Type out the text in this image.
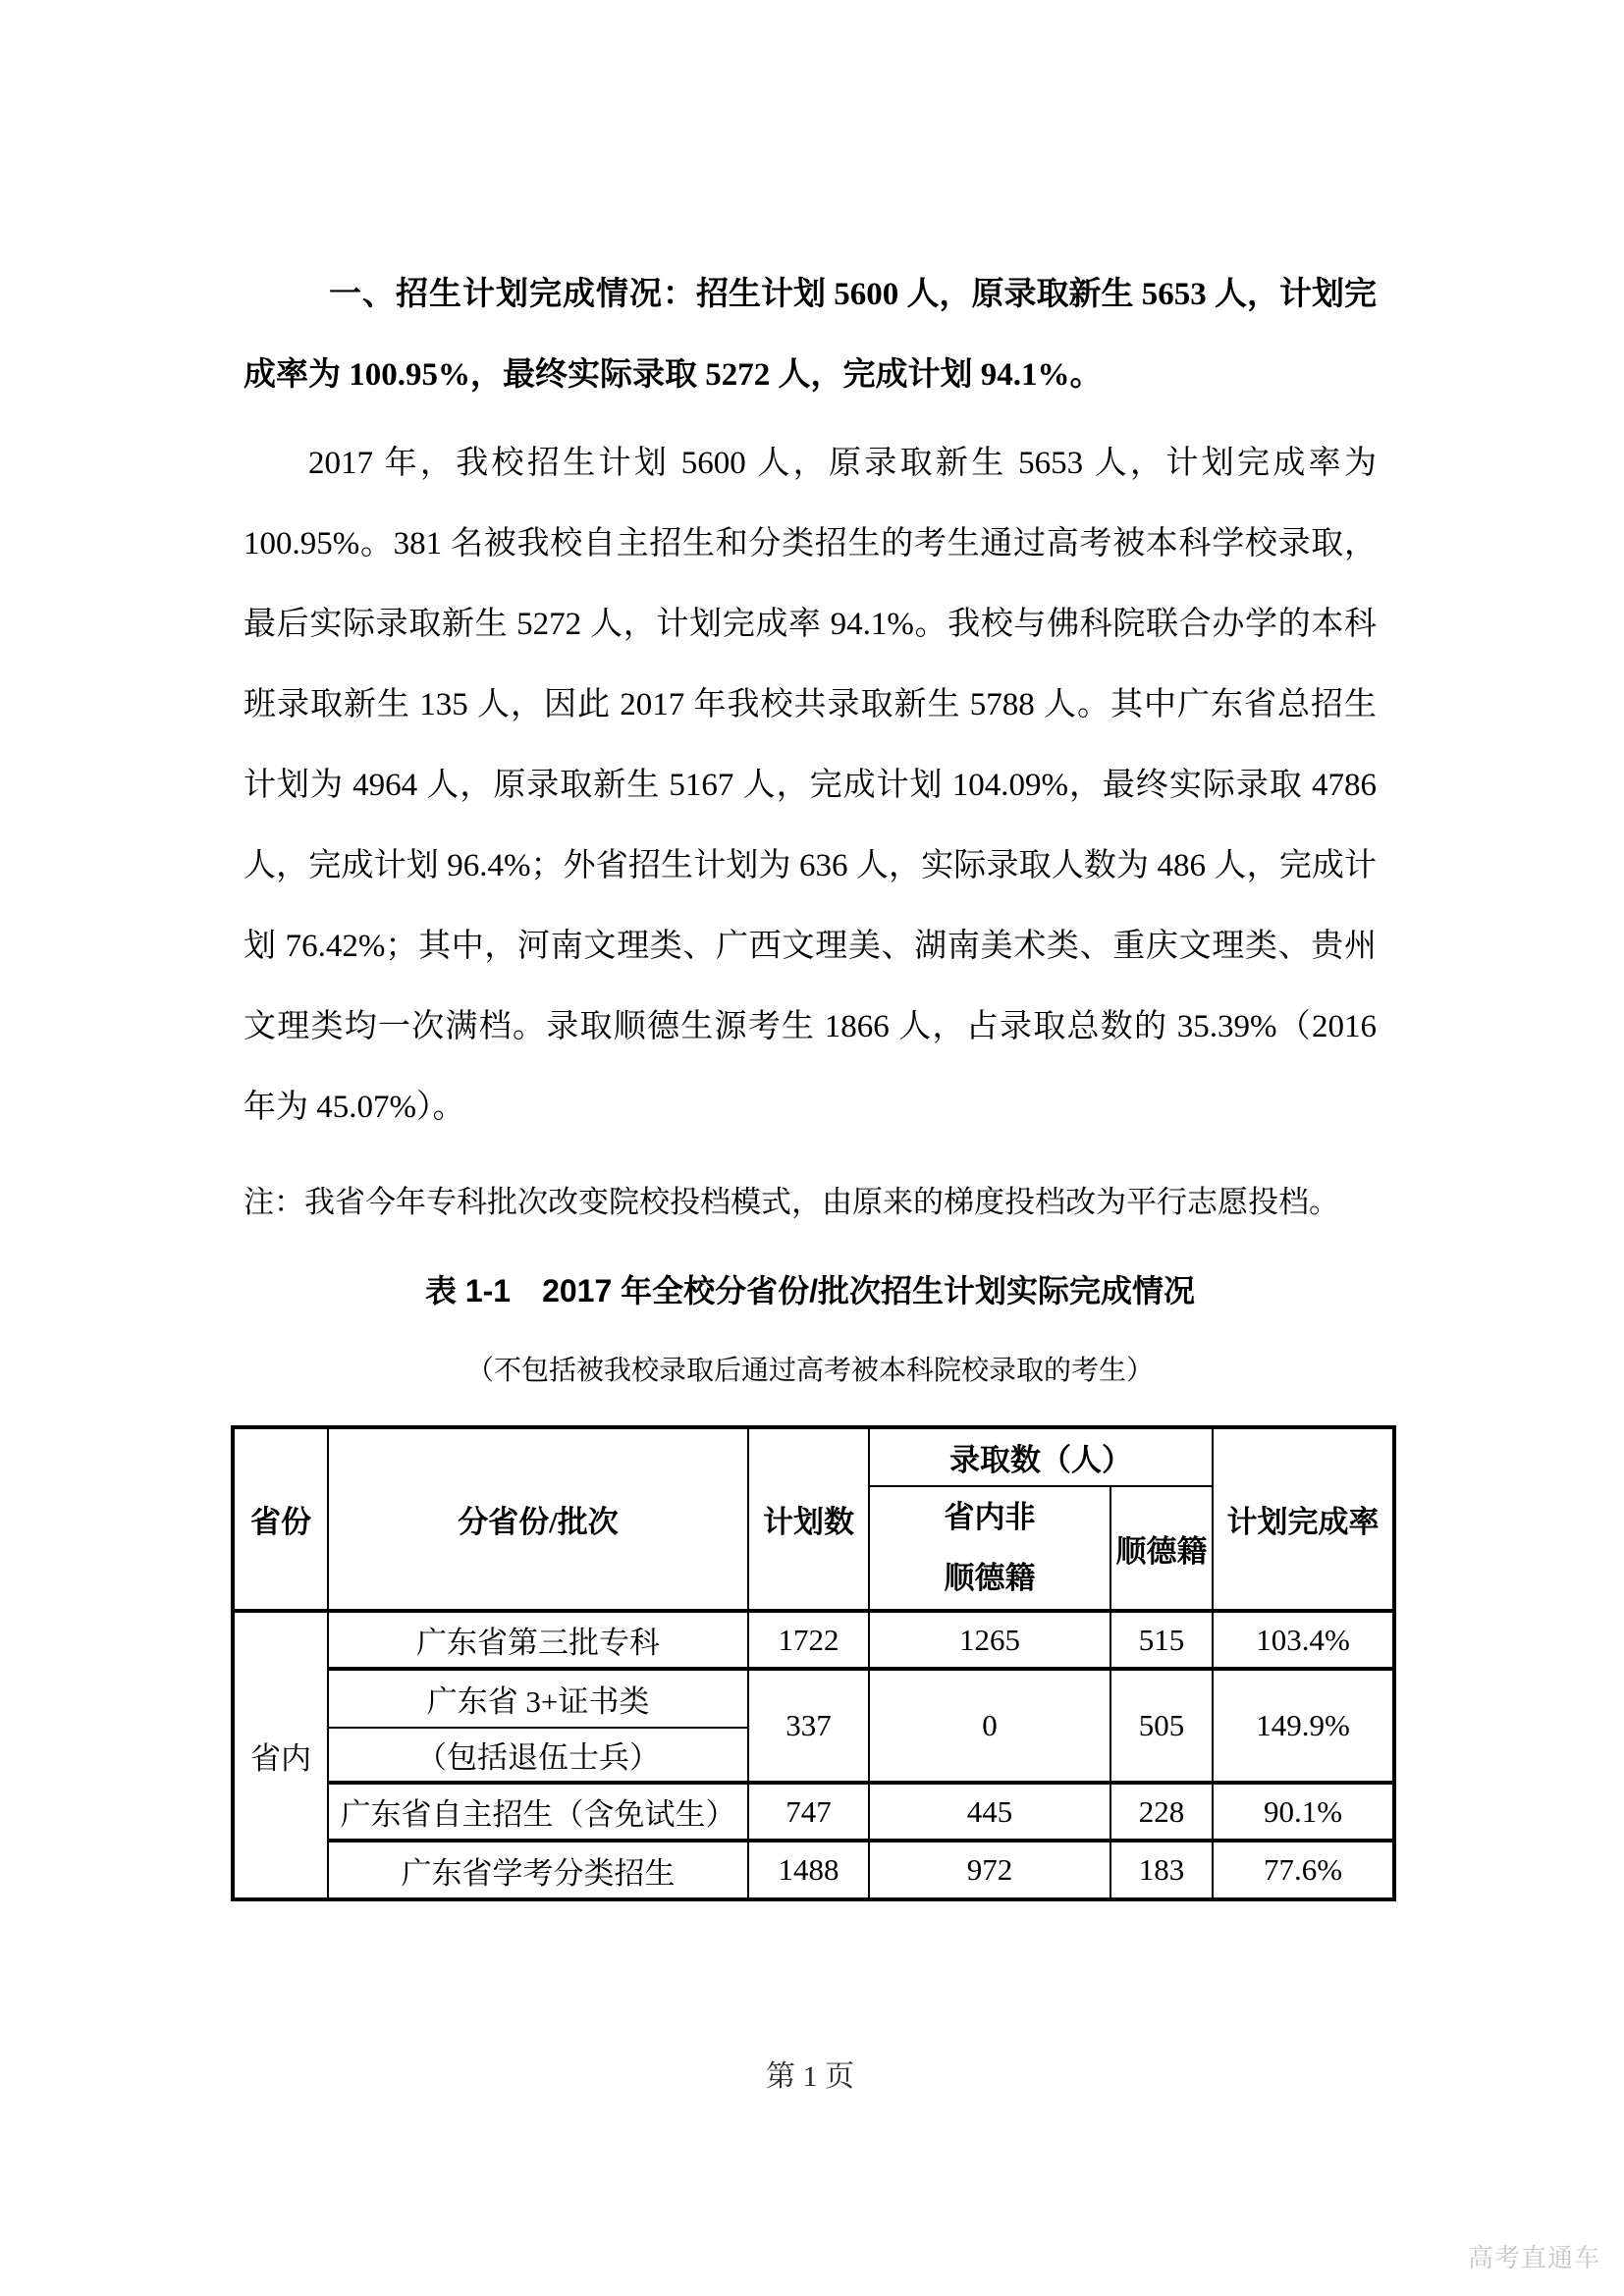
一、招生计划完成情况：招生计划 5600 人，原录取新生 5653 人，计划完成率为 100.95%，最终实际录取 5272 人，完成计划 94.1%。

2017 年，我校招生计划 5600 人，原录取新生 5653 人，计划完成率为 100.95%。381 名被我校自主招生和分类招生的考生通过高考被本科学校录取，最后实际录取新生 5272 人，计划完成率 94.1%。我校与佛科院联合办学的本科班录取新生 135 人，因此 2017 年我校共录取新生 5788 人。其中广东省总招生计划为 4964 人，原录取新生 5167 人，完成计划 104.09%，最终实际录取 4786 人，完成计划 96.4%；外省招生计划为 636 人，实际录取人数为 486 人，完成计划 76.42%；其中，河南文理类、广西文理美、湖南美术类、重庆文理类、贵州文理类均一次满档。录取顺德生源考生 1866 人，占录取总数的 35.39%（2016 年为 45.07%）。

注：我省今年专科批次改变院校投档模式，由原来的梯度投档改为平行志愿投档。

表 1-1　2017 年全校分省份/批次招生计划实际完成情况

（不包括被我校录取后通过高考被本科院校录取的考生）

省份	分省份/批次	计划数	录取数（人）		计划完成率
			省内非顺德籍	顺德籍	
省内	广东省第三批专科	1722	1265	515	103.4%
	广东省 3+证书类	337	0	505	149.9%
	（包括退伍士兵）				
	广东省自主招生（含免试生）	747	445	228	90.1%
	广东省学考分类招生	1488	972	183	77.6%
第 1 页
高考直通车
